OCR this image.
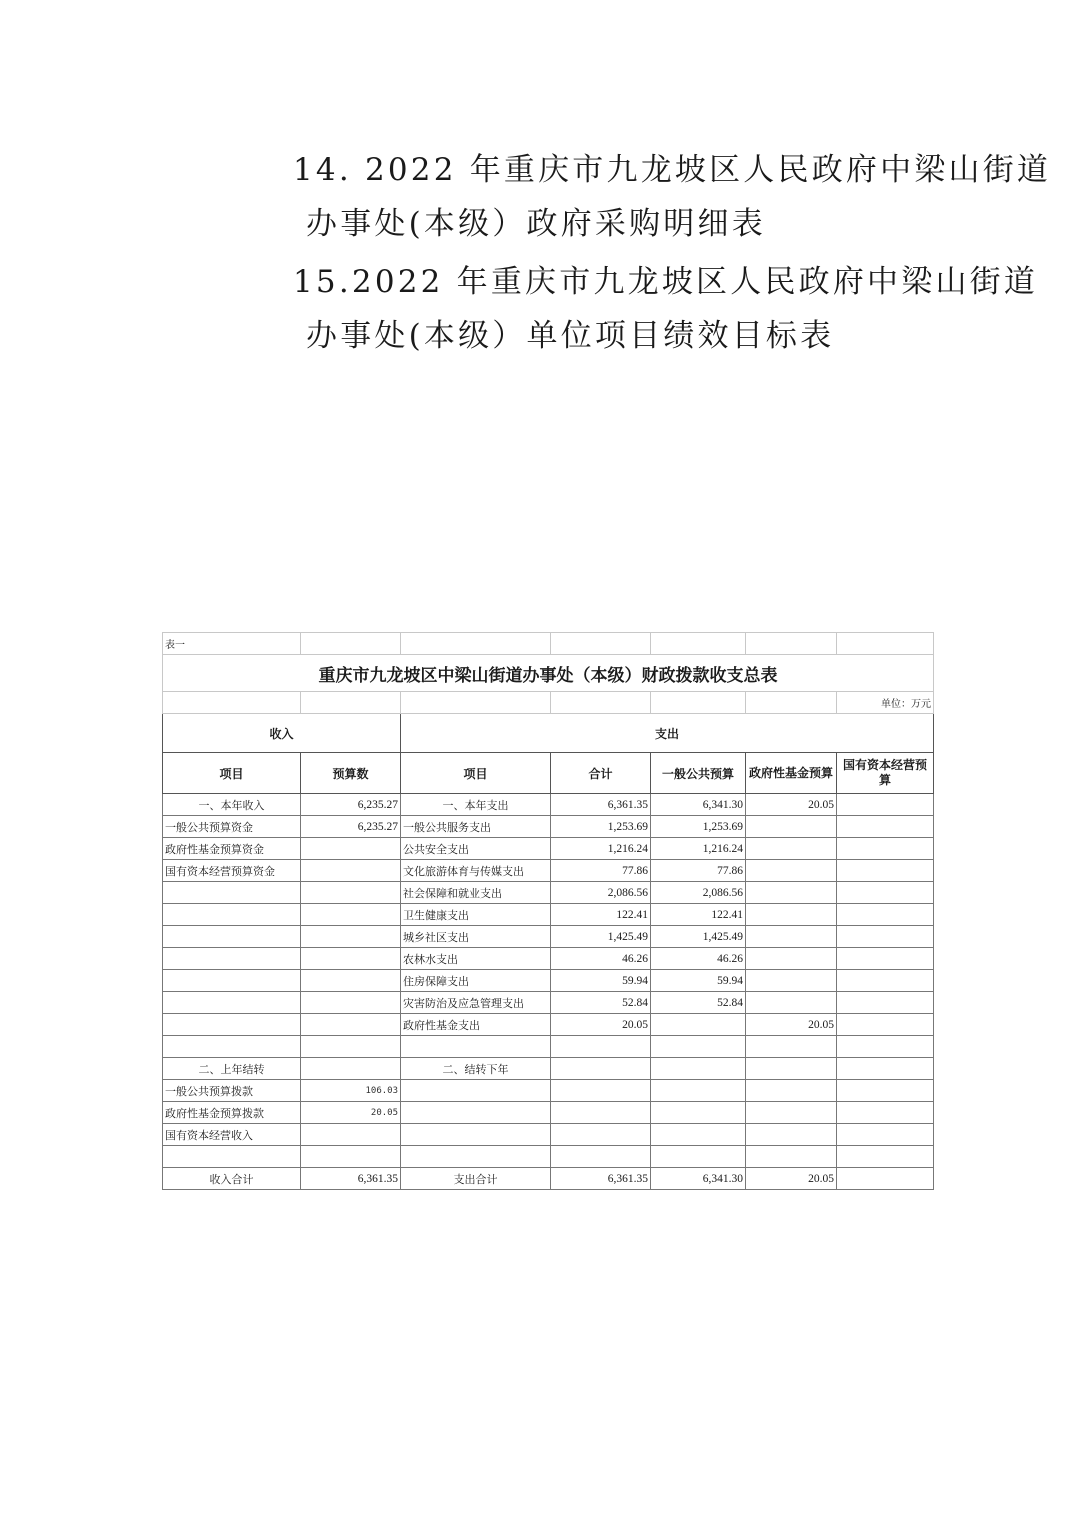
14. 2022 年重庆市九龙坡区人民政府中梁山街道
办事处(本级）政府采购明细表
15.2022 年重庆市九龙坡区人民政府中梁山街道
办事处(本级）单位项目绩效目标表
表一						
重庆市九龙坡区中梁山街道办事处（本级）财政拨款收支总表						
						单位：万元
收入		支出				
项目	预算数	项目	合计	一般公共预算	政府性基金预算	国有资本经营预算
一、本年收入	6,235.27	一、本年支出	6,361.35	6,341.30	20.05	
一般公共预算资金	6,235.27	一般公共服务支出	1,253.69	1,253.69		
政府性基金预算资金		公共安全支出	1,216.24	1,216.24		
国有资本经营预算资金		文化旅游体育与传媒支出	77.86	77.86		
		社会保障和就业支出	2,086.56	2,086.56		
		卫生健康支出	122.41	122.41		
		城乡社区支出	1,425.49	1,425.49		
		农林水支出	46.26	46.26		
		住房保障支出	59.94	59.94		
		灾害防治及应急管理支出	52.84	52.84		
		政府性基金支出	20.05		20.05	

二、上年结转		二、结转下年				
一般公共预算拨款	106.03					
政府性基金预算拨款	20.05					
国有资本经营收入						

收入合计	6,361.35	支出合计	6,361.35	6,341.30	20.05	
